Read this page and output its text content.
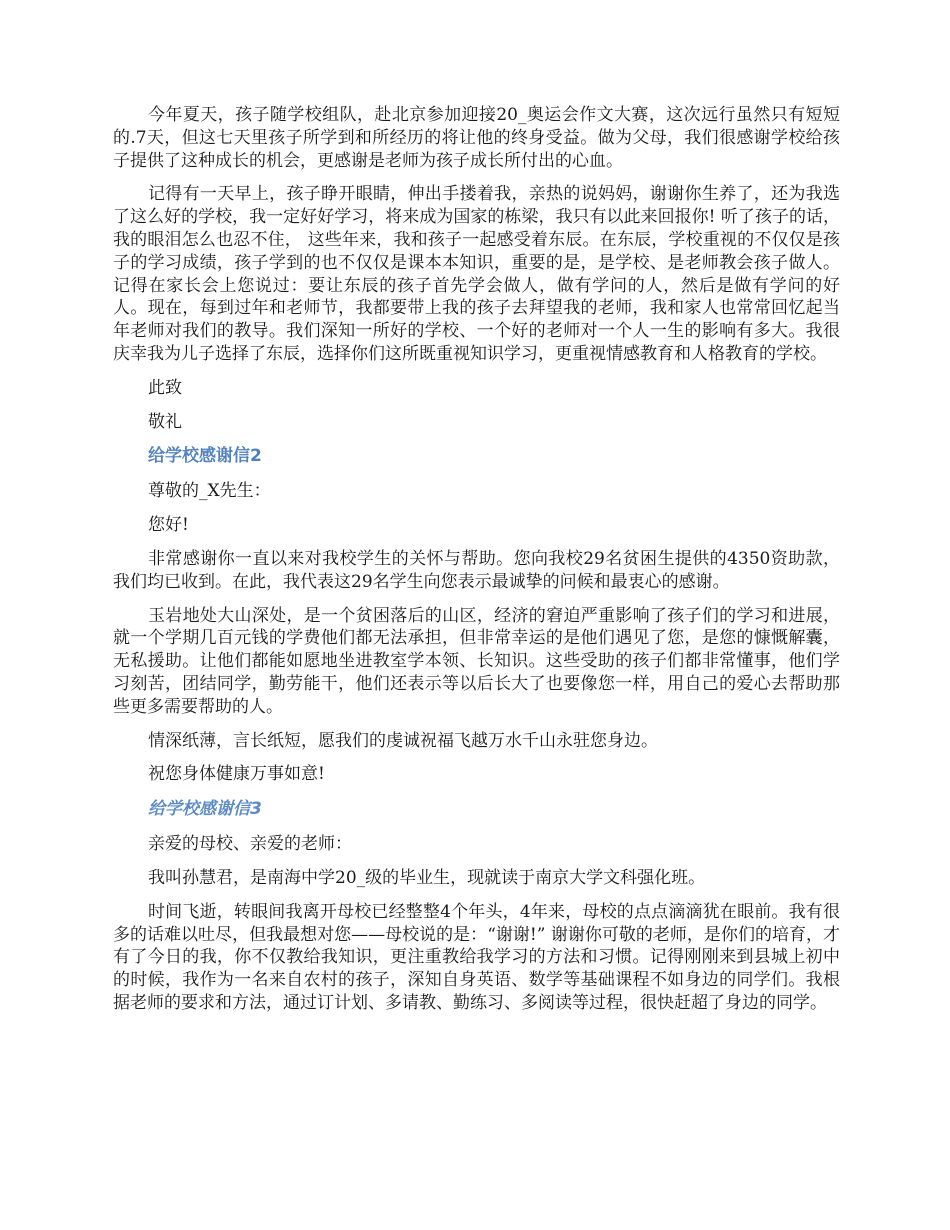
今年夏天，孩子随学校组队，赴北京参加迎接20_奥运会作文大赛，这次远行虽然只有短短的.7天，但这七天里孩子所学到和所经历的将让他的终身受益。做为父母，我们很感谢学校给孩子提供了这种成长的机会，更感谢是老师为孩子成长所付出的心血。

记得有一天早上，孩子睁开眼睛，伸出手搂着我，亲热的说妈妈，谢谢你生养了，还为我选了这么好的学校，我一定好好学习，将来成为国家的栋梁，我只有以此来回报你! 听了孩子的话，我的眼泪怎么也忍不住， 这些年来，我和孩子一起感受着东辰。在东辰，学校重视的不仅仅是孩子的学习成绩，孩子学到的也不仅仅是课本本知识，重要的是，是学校、是老师教会孩子做人。记得在家长会上您说过：要让东辰的孩子首先学会做人，做有学问的人，然后是做有学问的好人。现在，每到过年和老师节，我都要带上我的孩子去拜望我的老师，我和家人也常常回忆起当年老师对我们的教导。我们深知一所好的学校、一个好的老师对一个人一生的影响有多大。我很庆幸我为儿子选择了东辰，选择你们这所既重视知识学习，更重视情感教育和人格教育的学校。

此致

敬礼

给学校感谢信2

尊敬的_X先生：

您好!

非常感谢你一直以来对我校学生的关怀与帮助。您向我校29名贫困生提供的4350资助款，我们均已收到。在此，我代表这29名学生向您表示最诚挚的问候和最衷心的感谢。

玉岩地处大山深处，是一个贫困落后的山区，经济的窘迫严重影响了孩子们的学习和进展，就一个学期几百元钱的学费他们都无法承担，但非常幸运的是他们遇见了您，是您的慷慨解囊，无私援助。让他们都能如愿地坐进教室学本领、长知识。这些受助的孩子们都非常懂事，他们学习刻苦，团结同学，勤劳能干，他们还表示等以后长大了也要像您一样，用自己的爱心去帮助那些更多需要帮助的人。

情深纸薄，言长纸短，愿我们的虔诚祝福飞越万水千山永驻您身边。

祝您身体健康万事如意!

给学校感谢信3

亲爱的母校、亲爱的老师：

我叫孙慧君，是南海中学20_级的毕业生，现就读于南京大学文科强化班。

时间飞逝，转眼间我离开母校已经整整4个年头，4年来，母校的点点滴滴犹在眼前。我有很多的话难以吐尽，但我最想对您——母校说的是：“谢谢!” 谢谢你可敬的老师，是你们的培育，才有了今日的我，你不仅教给我知识，更注重教给我学习的方法和习惯。记得刚刚来到县城上初中的时候，我作为一名来自农村的孩子，深知自身英语、数学等基础课程不如身边的同学们。我根据老师的要求和方法，通过订计划、多请教、勤练习、多阅读等过程，很快赶超了身边的同学。
